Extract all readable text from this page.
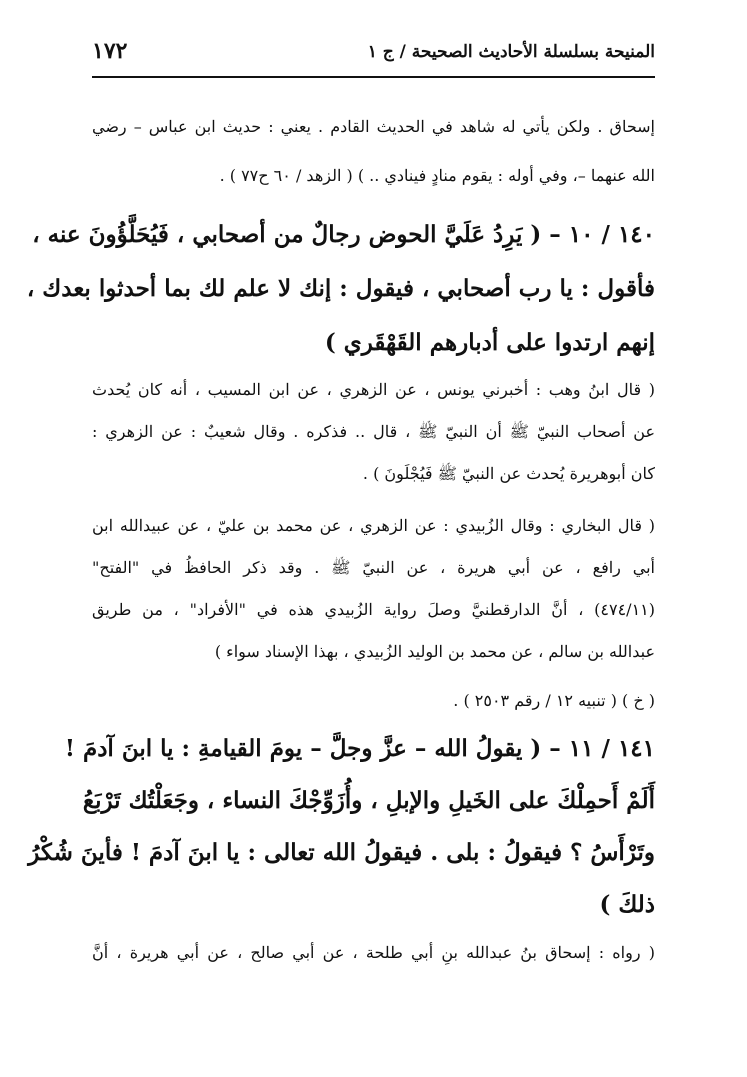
المنيحة بسلسلة الأحاديث الصحيحة / ج ١
١٧٢
إسحاق . ولكن يأتي له شاهد في الحديث القادم . يعني : حديث ابن عباس – رضي
الله عنهما –، وفي أوله : يقوم منادٍ فينادي .. ) ( الزهد / ٦٠ ح٧٧ ) .
١٤٠ / ١٠ – ( يَرِدُ عَلَيَّ الحوض رجالٌ من أصحابي ، فَيُحَلَّؤُونَ عنه ،
فأقول : يا رب أصحابي ، فيقول : إنك لا علم لك بما أحدثوا بعدك ،
إنهم ارتدوا على أدبارهم القَهْقَري )
( قال ابنُ وهب : أخبرني يونس ، عن الزهري ، عن ابن المسيب ، أنه كان يُحدث
عن أصحاب النبيّ ﷺ أن النبيّ ﷺ ، قال .. فذكره . وقال شعيبٌ : عن الزهري :
كان أبوهريرة يُحدث عن النبيّ ﷺ فَيُجْلَونَ ) .
( قال البخاري : وقال الزُبيدي : عن الزهري ، عن محمد بن عليّ ، عن عبيدالله ابن
أبي رافع ، عن أبي هريرة ، عن النبيّ ﷺ . وقد ذكر الحافظُ في "الفتح"
(٤٧٤/١١) ، أنَّ الدارقطنيَّ وصلَ رواية الزُبيدي هذه في "الأفراد" ، من طريق
عبدالله بن سالم ، عن محمد بن الوليد الزُبيدي ، بهذا الإسناد سواء )
( خ ) ( تنبيه ١٢ / رقم ٢٥٠٣ ) .
١٤١ / ١١ – ( يقولُ الله – عزَّ وجلَّ – يومَ القيامةِ : يا ابنَ آدمَ !
أَلَمْ أَحمِلْكَ على الخَيلِ والإبلِ ، وأُزَوِّجْكَ النساء ، وجَعَلْتُك تَرْبَعُ
وتَرْأَسُ ؟ فيقولُ : بلى . فيقولُ الله تعالى : يا ابنَ آدمَ ! فأينَ شُكْرُ
ذلكَ )
( رواه : إسحاق بنُ عبدالله بنِ أبي طلحة ، عن أبي صالح ، عن أبي هريرة ، أنَّ
